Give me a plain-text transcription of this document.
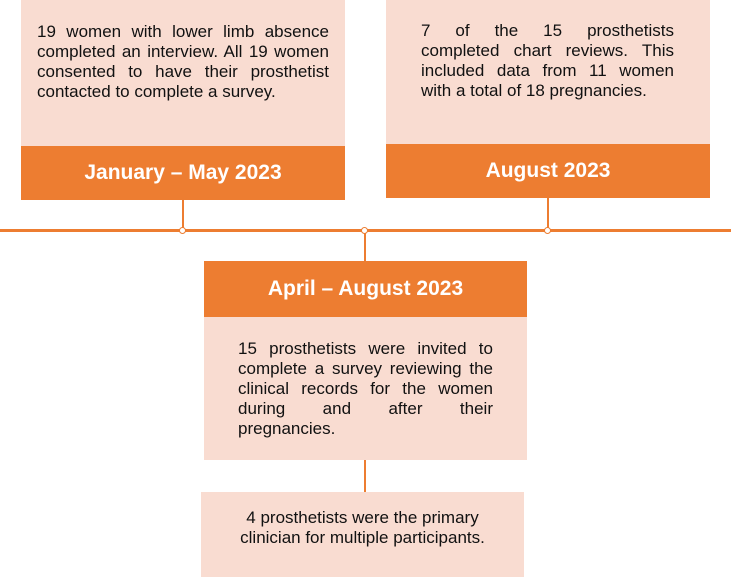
19 women with lower limb absence completed an interview. All 19 women consented to have their prosthetist contacted to complete a survey.
January – May 2023
7 of the 15 prosthetists completed chart reviews. This included data from 11 women with a total of 18 pregnancies.
August 2023
April – August 2023
15 prosthetists were invited to complete a survey reviewing the clinical records for the women during and after their pregnancies.
4 prosthetists were the primary clinician for multiple participants.
